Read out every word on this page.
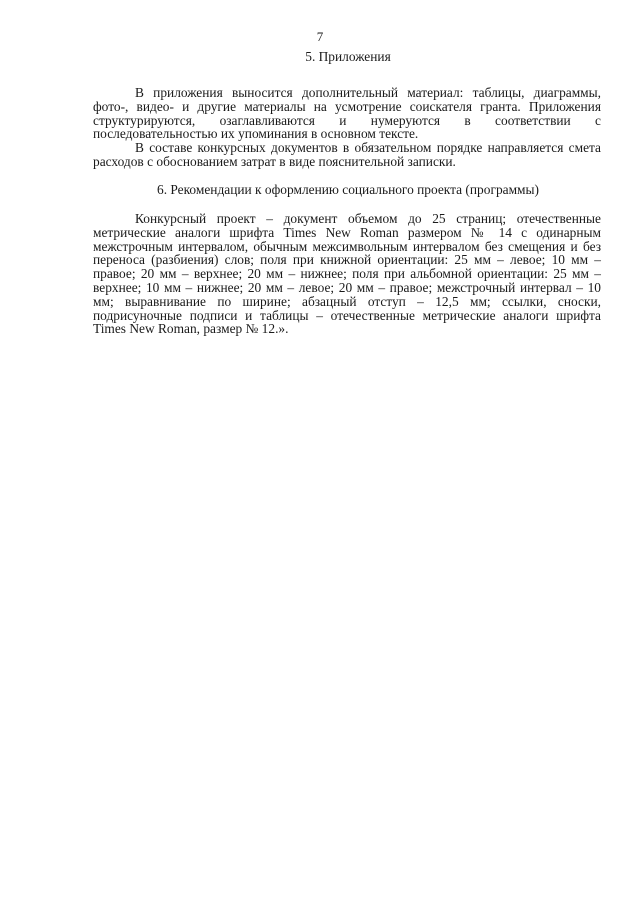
7
5. Приложения

В приложения выносится дополнительный материал: таблицы, диаграммы, фото-, видео- и другие материалы на усмотрение соискателя гранта. Приложения структурируются, озаглавливаются и нумеруются в соответствии с последовательностью их упоминания в основном тексте.

В составе конкурсных документов в обязательном порядке направляется смета расходов с обоснованием затрат в виде пояснительной записки.

6. Рекомендации к оформлению социального проекта (программы)

Конкурсный проект – документ объемом до 25 страниц; отечественные метрические аналоги шрифта Times New Roman размером № 14 с одинарным межстрочным интервалом, обычным межсимвольным интервалом без смещения и без переноса (разбиения) слов; поля при книжной ориентации: 25 мм – левое; 10 мм – правое; 20 мм – верхнее; 20 мм – нижнее; поля при альбомной ориентации: 25 мм – верхнее; 10 мм – нижнее; 20 мм – левое; 20 мм – правое; межстрочный интервал – 10 мм; выравнивание по ширине; абзацный отступ – 12,5 мм; ссылки, сноски, подрисуночные подписи и таблицы – отечественные метрические аналоги шрифта Times New Roman, размер № 12.».
